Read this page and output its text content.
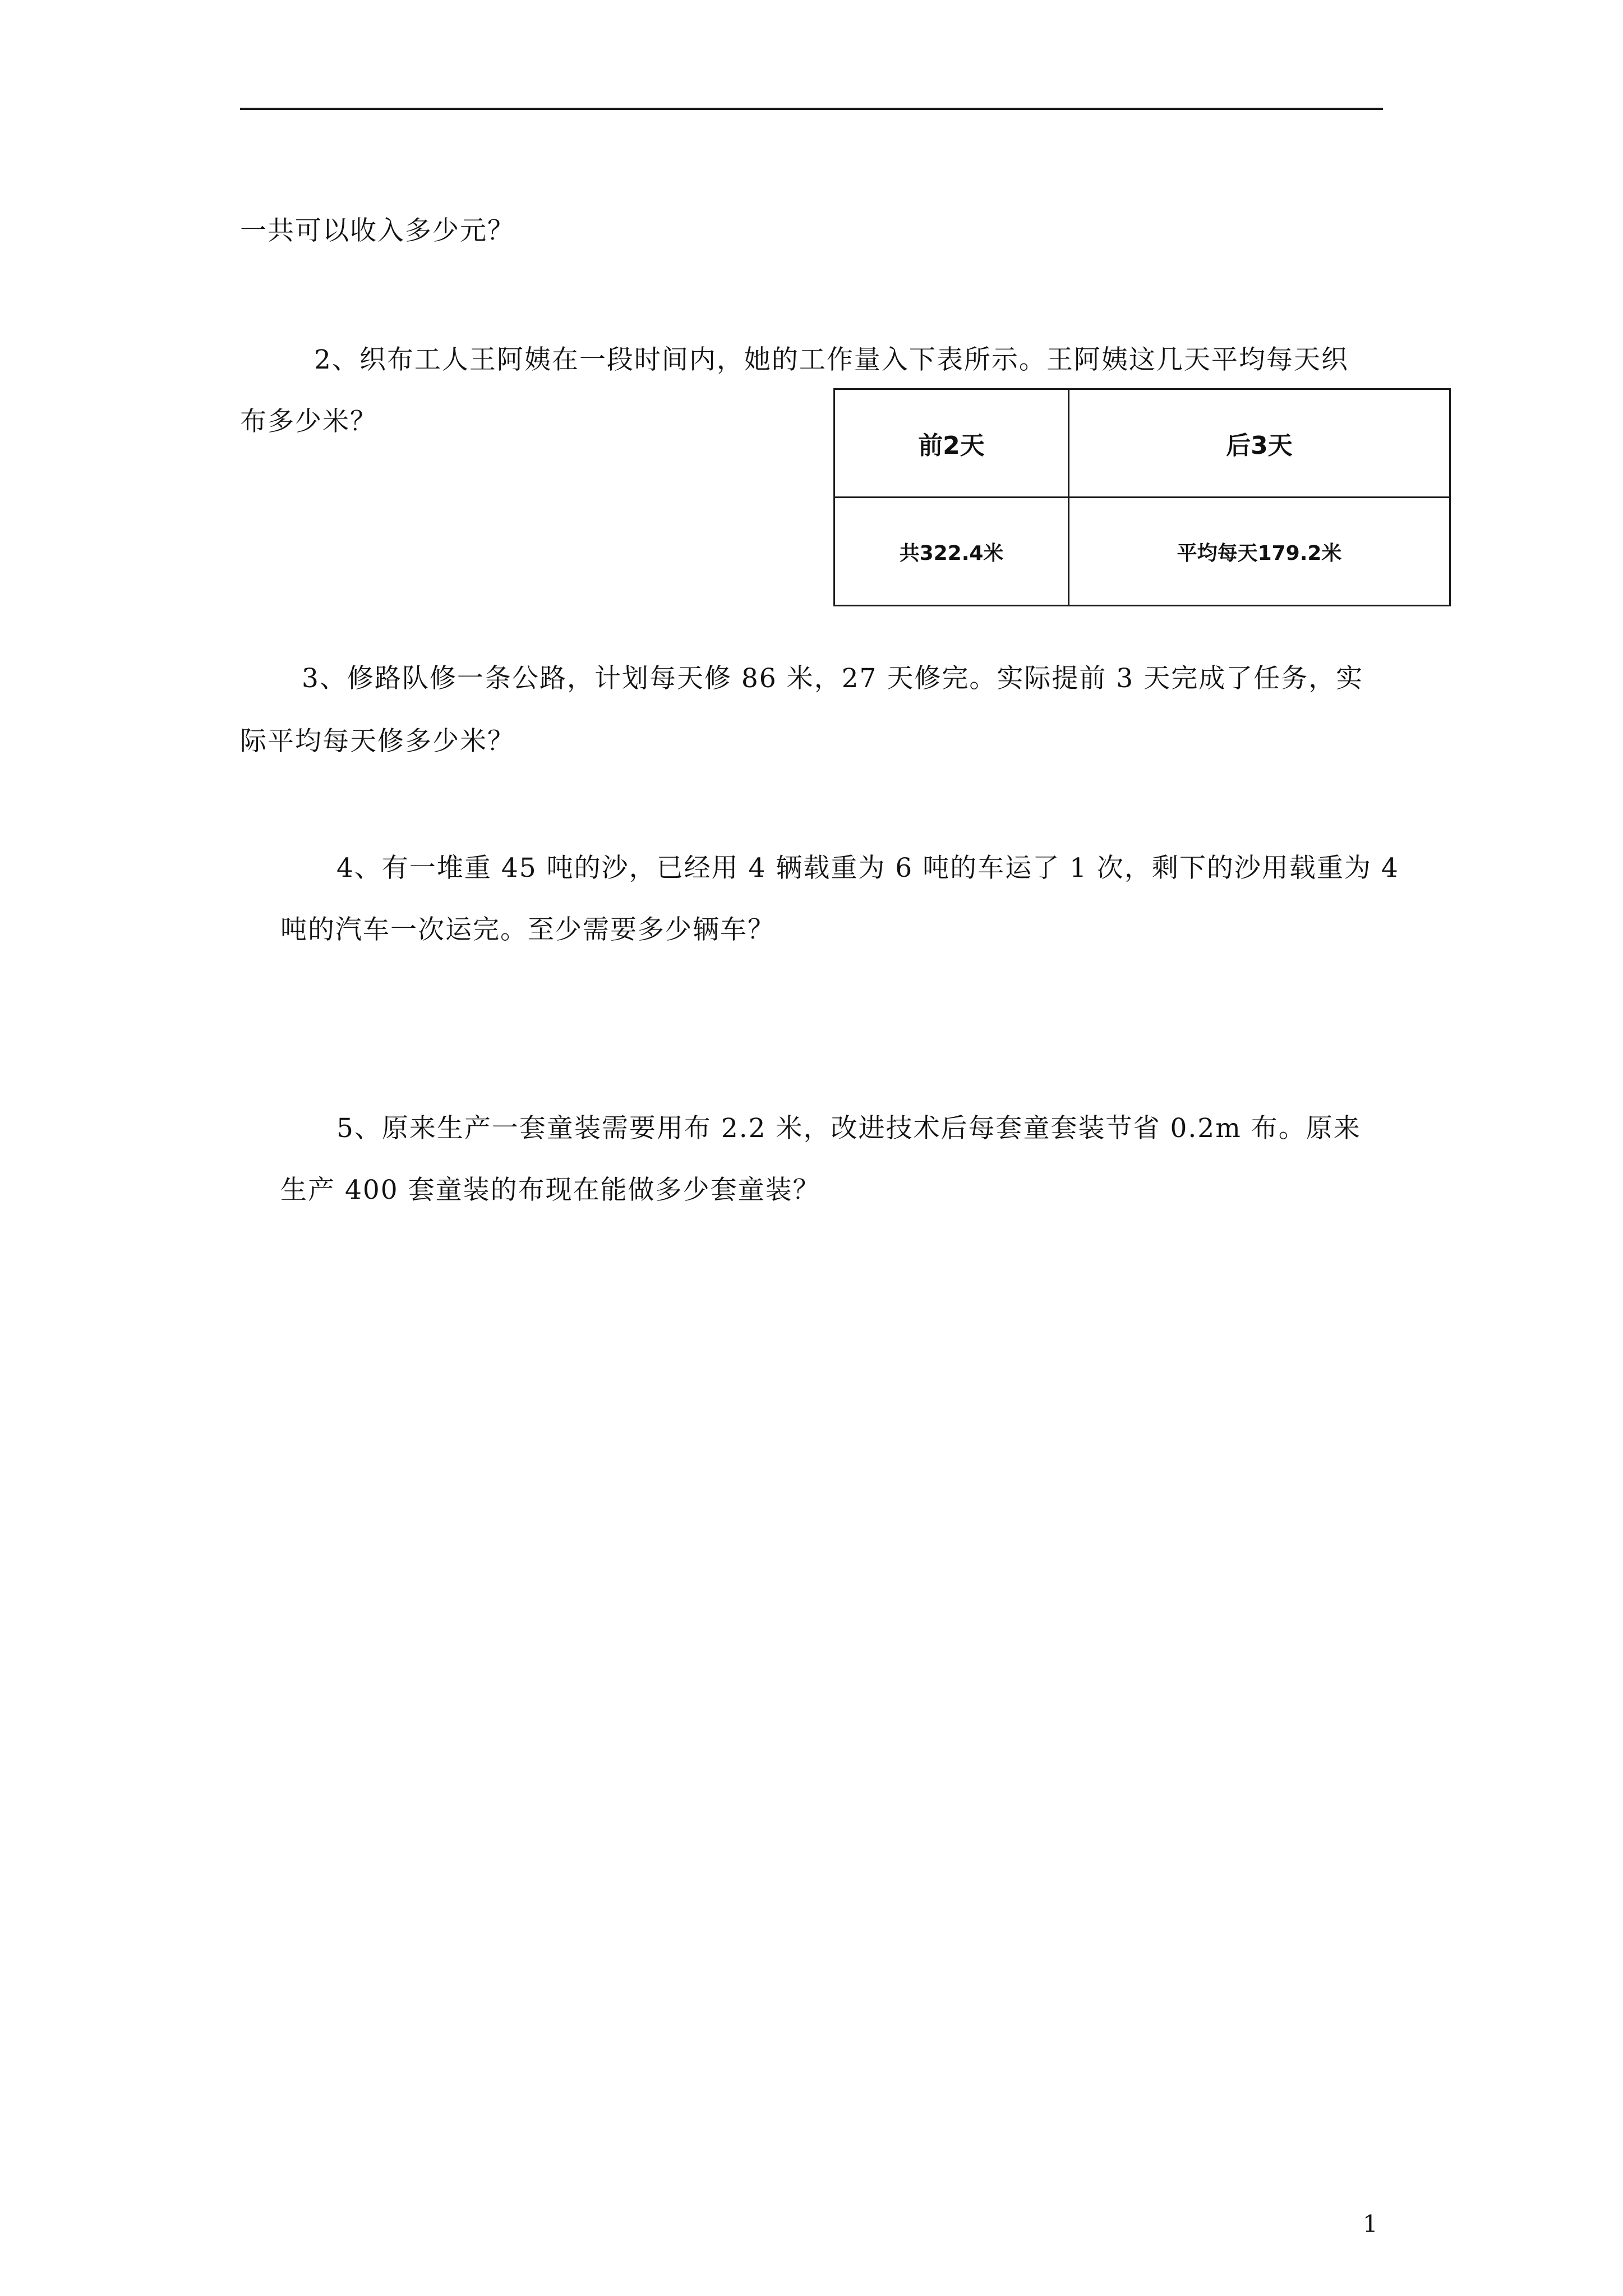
一共可以收入多少元？
2、织布工人王阿姨在一段时间内，她的工作量入下表所示。王阿姨这几天平均每天织
布多少米？
前2天	后3天
共322.4米	平均每天179.2米
3、修路队修一条公路，计划每天修 86 米，27 天修完。实际提前 3 天完成了任务，实
际平均每天修多少米？
4、有一堆重 45 吨的沙，已经用 4 辆载重为 6 吨的车运了 1 次，剩下的沙用载重为 4
吨的汽车一次运完。至少需要多少辆车？
5、原来生产一套童装需要用布 2.2 米，改进技术后每套童套装节省 0.2m 布。原来
生产 400 套童装的布现在能做多少套童装？
1
